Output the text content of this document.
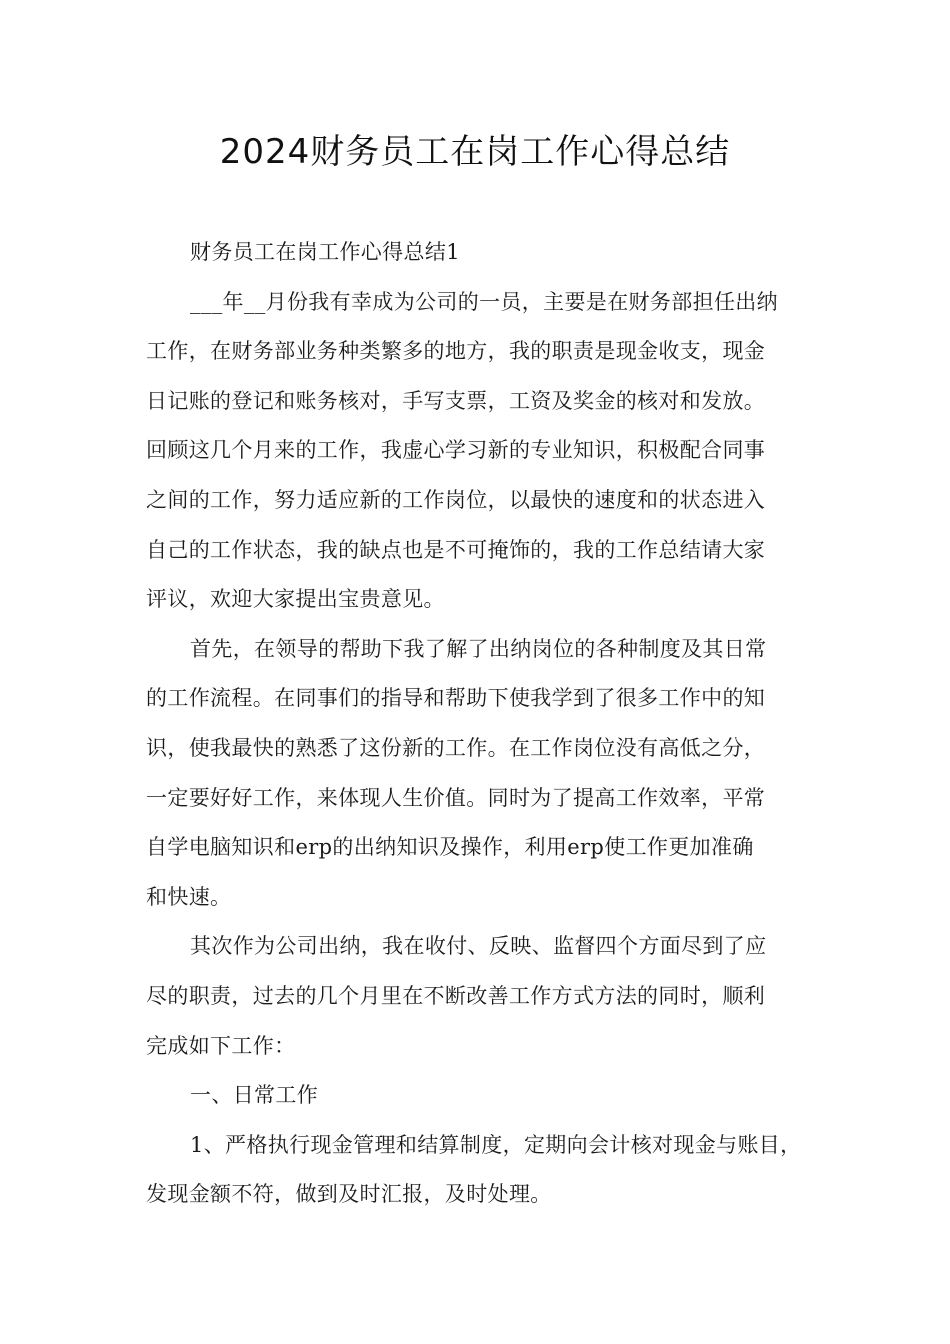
2024财务员工在岗工作心得总结
财务员工在岗工作心得总结1
___年__月份我有幸成为公司的一员，主要是在财务部担任出纳
工作，在财务部业务种类繁多的地方，我的职责是现金收支，现金
日记账的登记和账务核对，手写支票，工资及奖金的核对和发放。
回顾这几个月来的工作，我虚心学习新的专业知识，积极配合同事
之间的工作，努力适应新的工作岗位，以最快的速度和的状态进入
自己的工作状态，我的缺点也是不可掩饰的，我的工作总结请大家
评议，欢迎大家提出宝贵意见。
首先，在领导的帮助下我了解了出纳岗位的各种制度及其日常
的工作流程。在同事们的指导和帮助下使我学到了很多工作中的知
识，使我最快的熟悉了这份新的工作。在工作岗位没有高低之分，
一定要好好工作，来体现人生价值。同时为了提高工作效率，平常
自学电脑知识和erp的出纳知识及操作，利用erp使工作更加准确
和快速。
其次作为公司出纳，我在收付、反映、监督四个方面尽到了应
尽的职责，过去的几个月里在不断改善工作方式方法的同时，顺利
完成如下工作：
一、日常工作
1、严格执行现金管理和结算制度，定期向会计核对现金与账目，
发现金额不符，做到及时汇报，及时处理。
